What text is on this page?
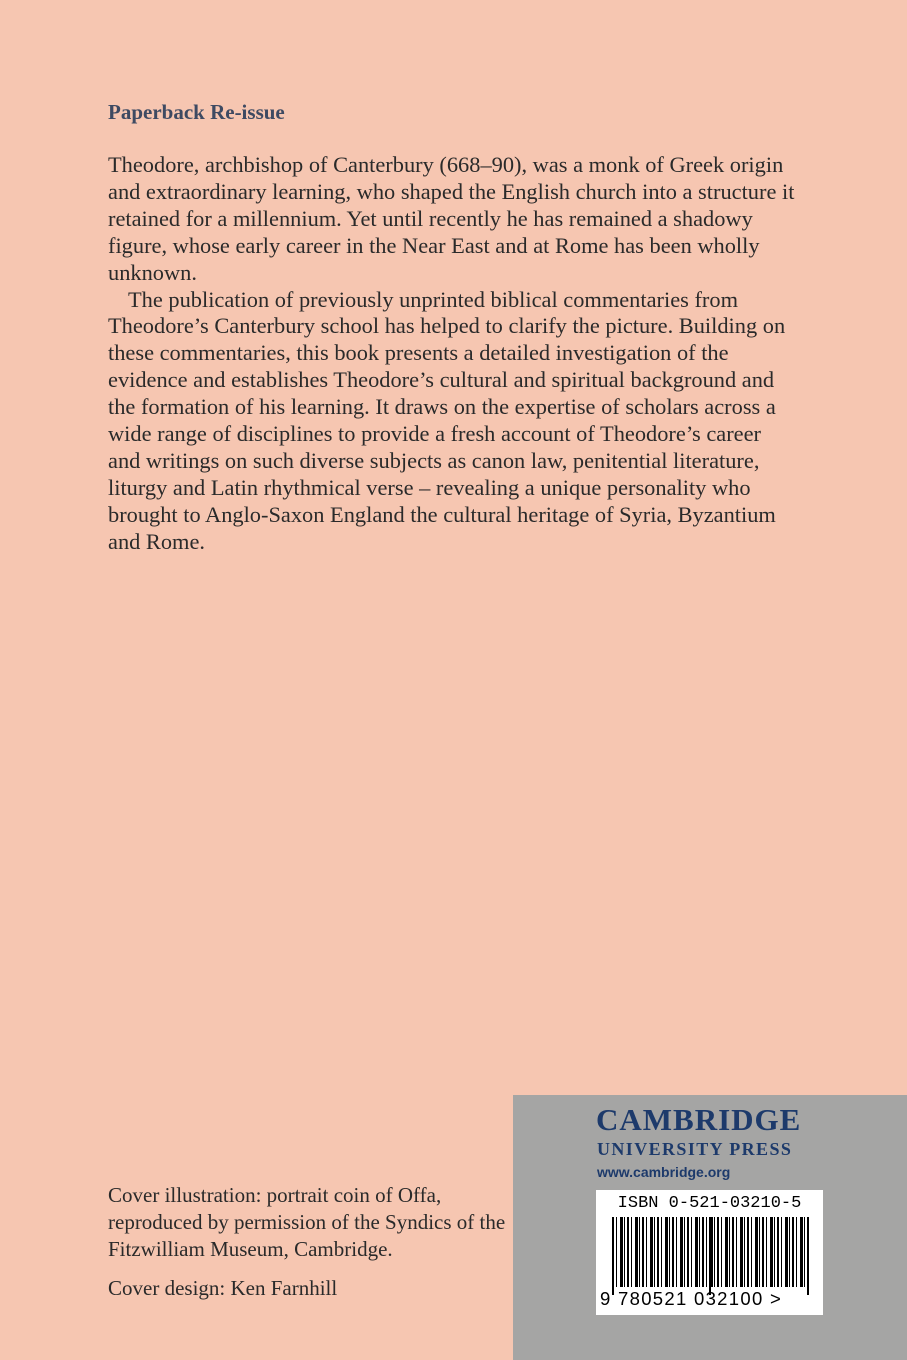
Paperback Re-issue

Theodore, archbishop of Canterbury (668–90), was a monk of Greek origin and extraordinary learning, who shaped the English church into a structure it retained for a millennium. Yet until recently he has remained a shadowy figure, whose early career in the Near East and at Rome has been wholly unknown.

The publication of previously unprinted biblical commentaries from Theodore’s Canterbury school has helped to clarify the picture. Building on these commentaries, this book presents a detailed investigation of the evidence and establishes Theodore’s cultural and spiritual background and the formation of his learning. It draws on the expertise of scholars across a wide range of disciplines to provide a fresh account of Theodore’s career and writings on such diverse subjects as canon law, penitential literature, liturgy and Latin rhythmical verse – revealing a unique personality who brought to Anglo-Saxon England the cultural heritage of Syria, Byzantium and Rome.

Cover illustration: portrait coin of Offa, reproduced by permission of the Syndics of the Fitzwilliam Museum, Cambridge.

Cover design: Ken Farnhill

CAMBRIDGE

UNIVERSITY PRESS

www.cambridge.org

ISBN 0-521-03210-5
9 780521 032100 >
